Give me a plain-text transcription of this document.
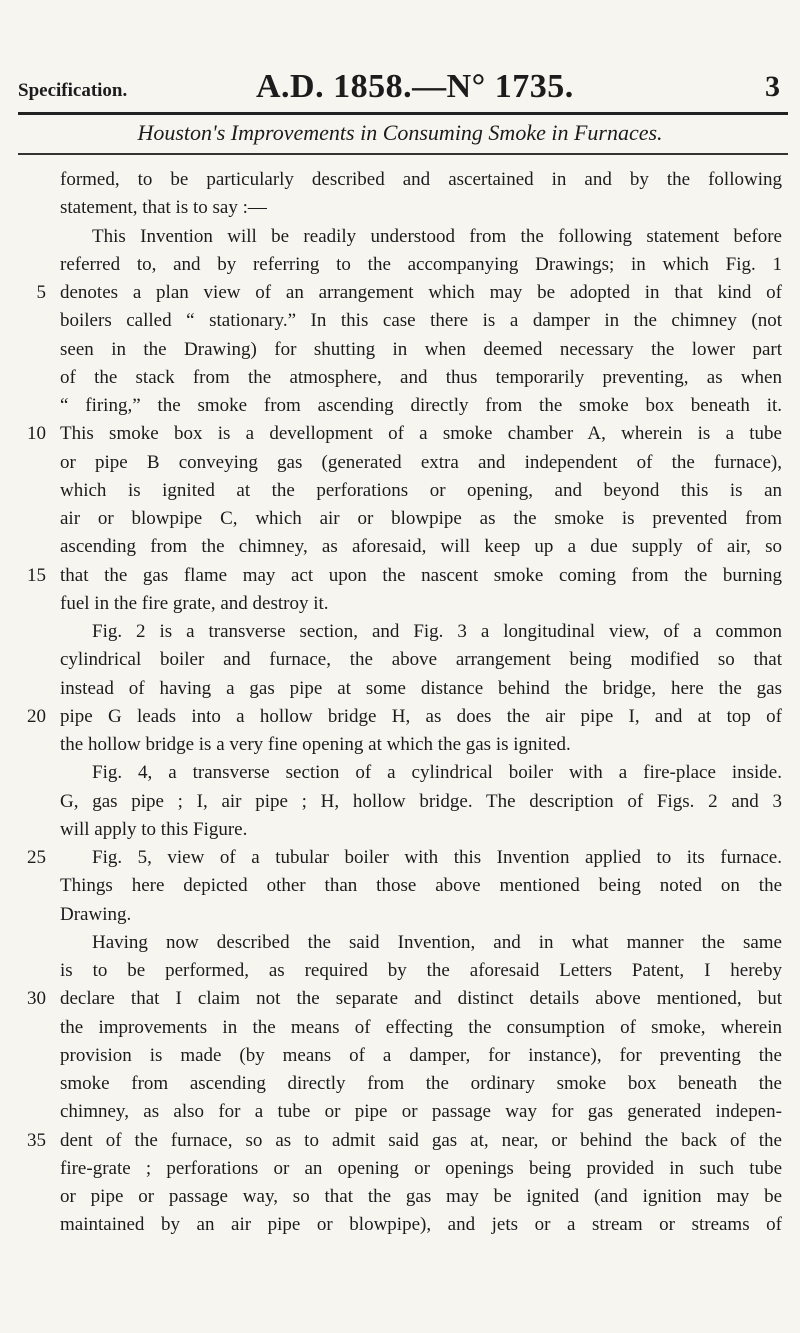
Specification.	A.D. 1858.—N° 1735.	3
Houston's Improvements in Consuming Smoke in Furnaces.
formed, to be particularly described and ascertained in and by the following
statement, that is to say :—
This Invention will be readily understood from the following statement before
referred to, and by referring to the accompanying Drawings; in which Fig. 1
5 denotes a plan view of an arrangement which may be adopted in that kind of
boilers called “ stationary.” In this case there is a damper in the chimney (not
seen in the Drawing) for shutting in when deemed necessary the lower part
of the stack from the atmosphere, and thus temporarily preventing, as when
“ firing,” the smoke from ascending directly from the smoke box beneath it.
10 This smoke box is a devellopment of a smoke chamber A, wherein is a tube
or pipe B conveying gas (generated extra and independent of the furnace),
which is ignited at the perforations or opening, and beyond this is an
air or blowpipe C, which air or blowpipe as the smoke is prevented from
ascending from the chimney, as aforesaid, will keep up a due supply of air, so
15 that the gas flame may act upon the nascent smoke coming from the burning
fuel in the fire grate, and destroy it.
Fig. 2 is a transverse section, and Fig. 3 a longitudinal view, of a common
cylindrical boiler and furnace, the above arrangement being modified so that
instead of having a gas pipe at some distance behind the bridge, here the gas
20 pipe G leads into a hollow bridge H, as does the air pipe I, and at top of
the hollow bridge is a very fine opening at which the gas is ignited.
Fig. 4, a transverse section of a cylindrical boiler with a fire-place inside.
G, gas pipe ; I, air pipe ; H, hollow bridge. The description of Figs. 2 and 3
will apply to this Figure.
25	Fig. 5, view of a tubular boiler with this Invention applied to its furnace.
Things here depicted other than those above mentioned being noted on the
Drawing.
Having now described the said Invention, and in what manner the same
is to be performed, as required by the aforesaid Letters Patent, I hereby
30 declare that I claim not the separate and distinct details above mentioned, but
the improvements in the means of effecting the consumption of smoke, wherein
provision is made (by means of a damper, for instance), for preventing the
smoke from ascending directly from the ordinary smoke box beneath the
chimney, as also for a tube or pipe or passage way for gas generated indepen-
35 dent of the furnace, so as to admit said gas at, near, or behind the back of the
fire-grate ; perforations or an opening or openings being provided in such tube
or pipe or passage way, so that the gas may be ignited (and ignition may be
maintained by an air pipe or blowpipe), and jets or a stream or streams of
